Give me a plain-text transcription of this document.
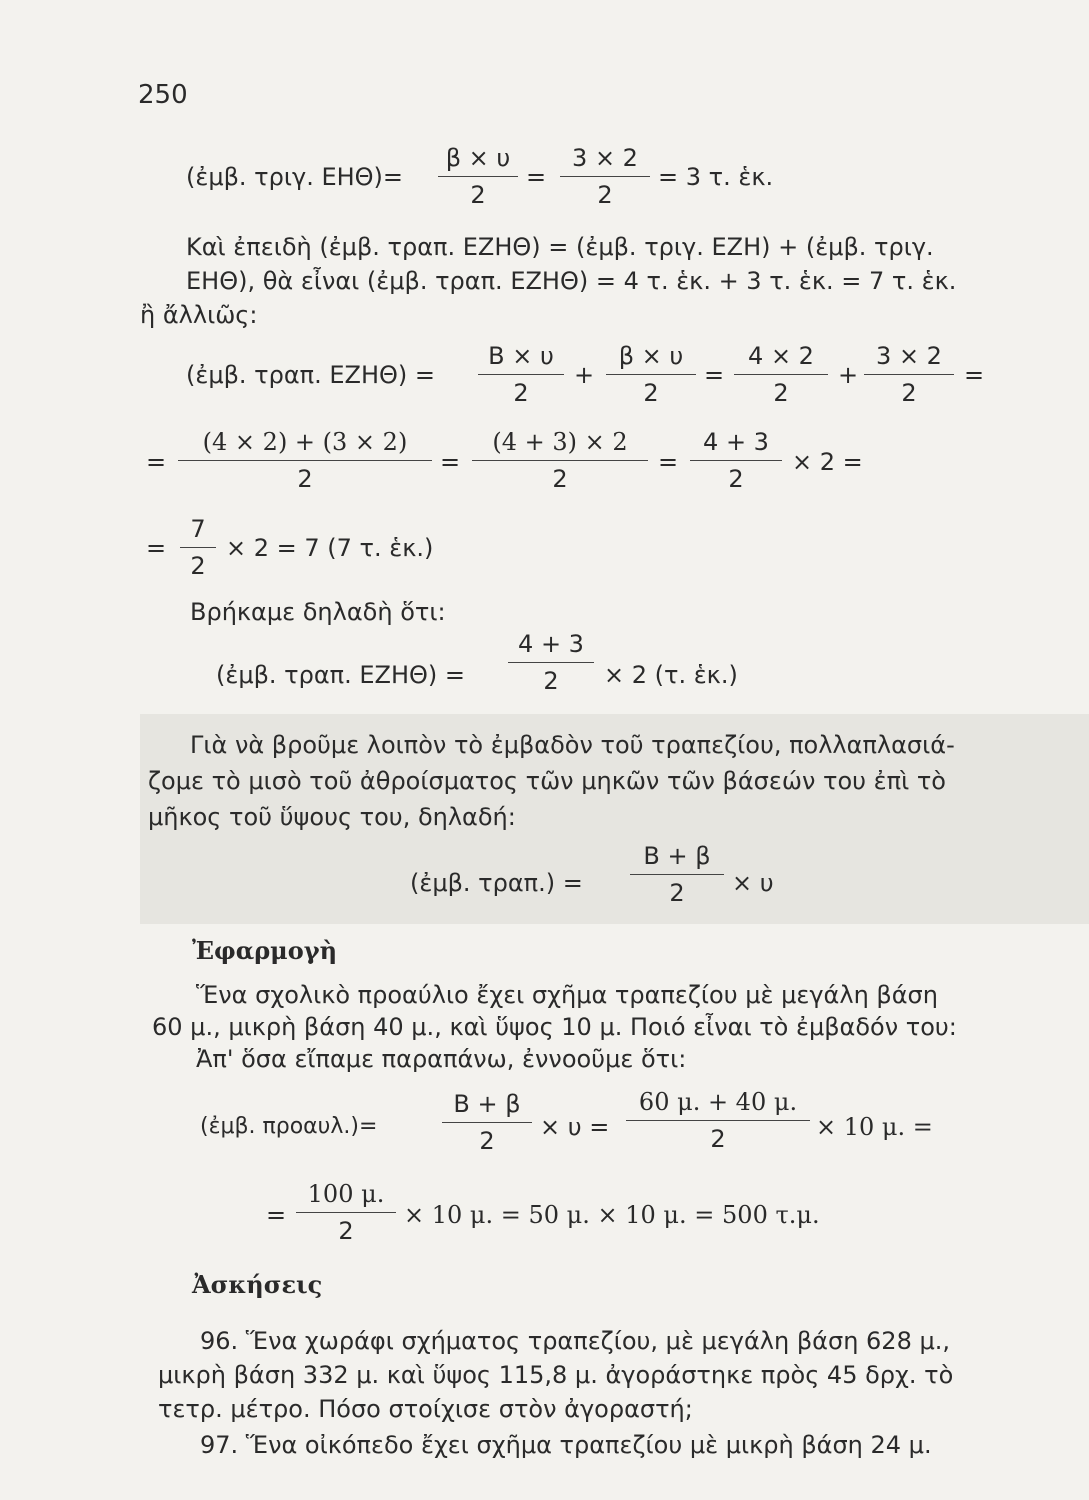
250
(ἐμβ. τριγ. $EH\Theta)= \frac{\beta \times \upsilon}{2} = \frac{3 \times 2}{2} = 3$ τ. ἑκ.
Καὶ ἐπειδὴ (ἐμβ. τραπ. ΕΖΗΘ) = (ἐμβ. τριγ. ΕΖΗ) + (ἐμβ. τριγ.
ΕΗΘ), θὰ εἶναι (ἐμβ. τραπ. ΕΖΗΘ) = 4 τ. ἑκ. + 3 τ. ἑκ. = 7 τ. ἑκ.
ἢ ἄλλιῶς:
(ἐμβ. τραπ. $EZH\Theta) = \frac{B \times \upsilon}{2} + \frac{\beta \times \upsilon}{2} = \frac{4 \times 2}{2} + \frac{3 \times 2}{2}$ =
= $\frac{(4 \times 2) + (3 \times 2)}{2} = \frac{(4 + 3) \times 2}{2} = \frac{4 + 3}{2} \times 2$ =
= $\frac{7}{2} \times 2 = 7$ (7 τ. ἑκ.)
Βρήκαμε δηλαδὴ ὅτι:
(ἐμβ. τραπ. $EZH\Theta) = \frac{4 + 3}{2} \times 2$ (τ. ἑκ.)
Γιὰ νὰ βροῦμε λοιπὸν τὸ ἐμβαδὸν τοῦ τραπεζίου, πολλαπλασιά-
ζομε τὸ μισὸ τοῦ ἀθροίσματος τῶν μηκῶν τῶν βάσεών του ἐπὶ τὸ
μῆκος τοῦ ὕψους του, δηλαδή:
(ἐμβ. $\tau\rho\alpha\pi.) = \frac{B + \beta}{2} \times \upsilon$
Ἐφαρμογὴ
Ἕνα σχολικὸ προαύλιο ἔχει σχῆμα τραπεζίου μὲ μεγάλη βάση
60 μ., μικρὴ βάση 40 μ., καὶ ὕψος 10 μ. Ποιό εἶναι τὸ ἐμβαδόν του:
Ἀπ' ὅσα εἴπαμε παραπάνω, ἐννοοῦμε ὅτι:
(ἐμβ. προαυλ.)=	$\frac{B + \beta}{2} \times \upsilon = \frac{60 \mu. + 40 \mu.}{2} \times 10$ μ. =
= $\frac{100 \mu.}{2} \times 10$ μ. = 50 μ. × 10 μ. = 500 τ.μ.
Ἀσκήσεις
96. Ἕνα χωράφι σχήματος τραπεζίου, μὲ μεγάλη βάση 628 μ.,
μικρὴ βάση 332 μ. καὶ ὕψος 115,8 μ. ἀγοράστηκε πρὸς 45 δρχ. τὸ
τετρ. μέτρο. Πόσο στοίχισε στὸν ἀγοραστή;
97. Ἕνα οἰκόπεδο ἔχει σχῆμα τραπεζίου μὲ μικρὴ βάση 24 μ.
